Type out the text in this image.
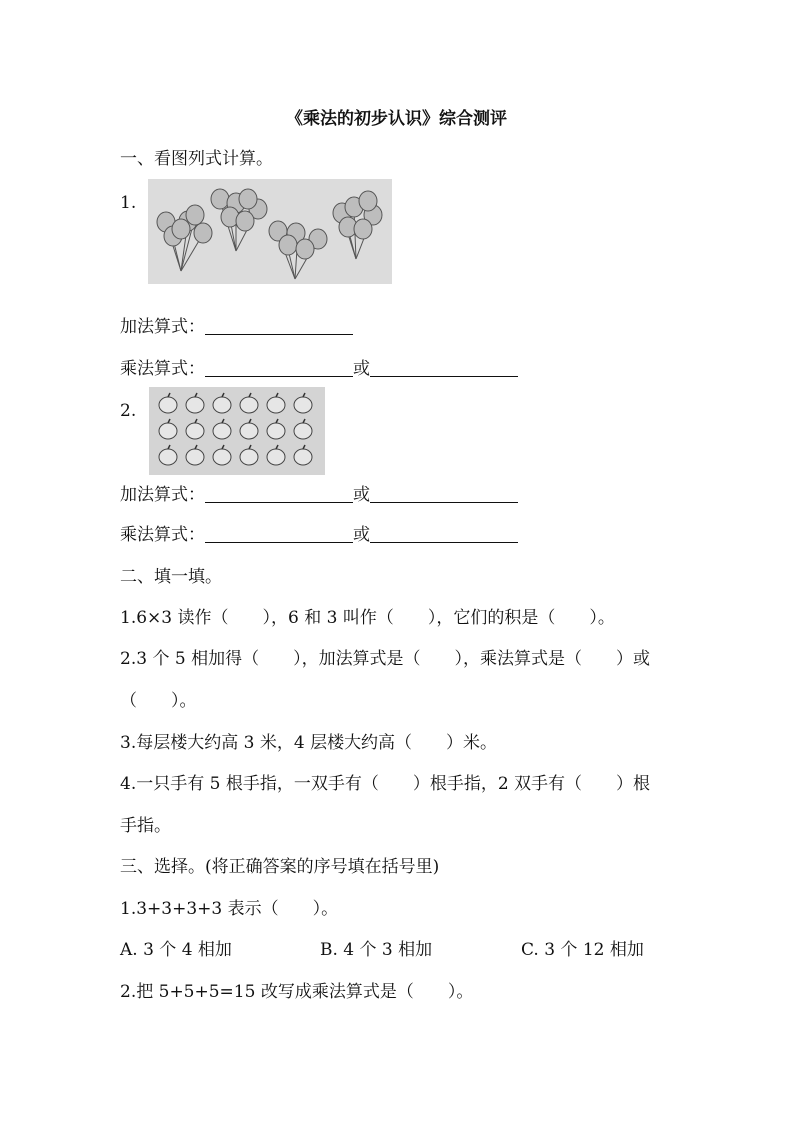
《乘法的初步认识》综合测评
一、看图列式计算。
1.
加法算式：
乘法算式：	或
2.
加法算式：	或
乘法算式：	或
二、填一填。
1.6×3 读作（　　），6 和 3 叫作（　　），它们的积是（　　）。
2.3 个 5 相加得（　　），加法算式是（　　），乘法算式是（　　）或
（　　）。
3.每层楼大约高 3 米，4 层楼大约高（　　）米。
4.一只手有 5 根手指，一双手有（　　）根手指，2 双手有（　　）根
手指。
三、选择。(将正确答案的序号填在括号里)
1.3+3+3+3 表示（　　）。
A. 3 个 4 相加	B. 4 个 3 相加	C. 3 个 12 相加
2.把 5+5+5=15 改写成乘法算式是（　　）。
